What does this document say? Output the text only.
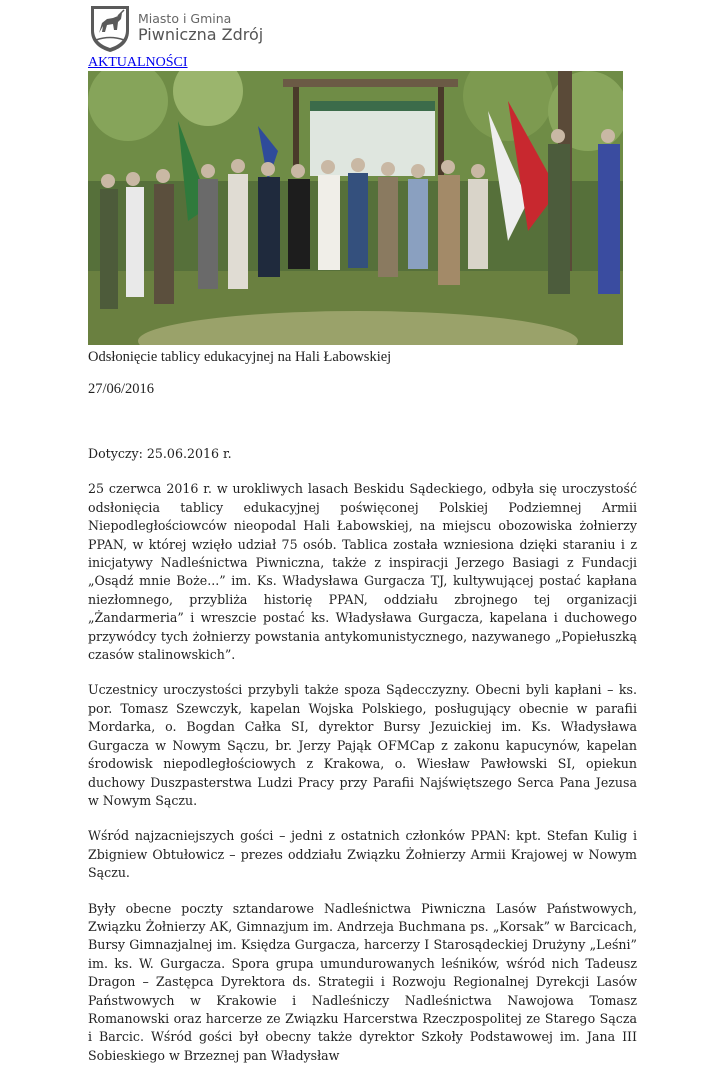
Miasto i Gmina
Piwniczna Zdrój
AKTUALNOŚCI
Odsłonięcie tablicy edukacyjnej na Hali Łabowskiej
27/06/2016

Dotyczy: 25.06.2016 r.

25 czerwca 2016 r. w urokliwych lasach Beskidu Sądeckiego, odbyła się uroczystość odsłonięcia tablicy edukacyjnej poświęconej Polskiej Podziemnej Armii Niepodległościowców nieopodal Hali Łabowskiej, na miejscu obozowiska żołnierzy PPAN, w której wzięło udział 75 osób. Tablica została wzniesiona dzięki staraniu i z inicjatywy Nadleśnictwa Piwniczna, także z inspiracji Jerzego Basiagi z Fundacji „Osądź mnie Boże...” im. Ks. Władysława Gurgacza TJ, kultywującej postać kapłana niezłomnego, przybliża historię PPAN, oddziału zbrojnego tej organizacji „Żandarmeria” i wreszcie postać ks. Władysława Gurgacza, kapelana i duchowego przywódcy tych żołnierzy powstania antykomunistycznego, nazywanego „Popiełuszką czasów stalinowskich”.

Uczestnicy uroczystości przybyli także spoza Sądecczyzny. Obecni byli kapłani – ks. por. Tomasz Szewczyk, kapelan Wojska Polskiego, posługujący obecnie w parafii Mordarka, o. Bogdan Całka SI, dyrektor Bursy Jezuickiej im. Ks. Władysława Gurgacza w Nowym Sączu, br. Jerzy Pająk OFMCap z zakonu kapucynów, kapelan środowisk niepodległościowych z Krakowa, o. Wiesław Pawłowski SI, opiekun duchowy Duszpasterstwa Ludzi Pracy przy Parafii Najświętszego Serca Pana Jezusa w Nowym Sączu.

Wśród najzacniejszych gości – jedni z ostatnich członków PPAN: kpt. Stefan Kulig i Zbigniew Obtułowicz – prezes oddziału Związku Żołnierzy Armii Krajowej w Nowym Sączu.

Były obecne poczty sztandarowe Nadleśnictwa Piwniczna Lasów Państwowych, Związku Żołnierzy AK, Gimnazjum im. Andrzeja Buchmana ps. „Korsak” w Barcicach, Bursy Gimnazjalnej im. Księdza Gurgacza, harcerzy I Starosądeckiej Drużyny „Leśni” im. ks. W. Gurgacza. Spora grupa umundurowanych leśników, wśród nich Tadeusz Dragon – Zastępca Dyrektora ds. Strategii i Rozwoju Regionalnej Dyrekcji Lasów Państwowych w Krakowie i Nadleśniczy Nadleśnictwa Nawojowa Tomasz Romanowski oraz harcerze ze Związku Harcerstwa Rzeczpospolitej ze Starego Sącza i Barcic. Wśród gości był obecny także dyrektor Szkoły Podstawowej im. Jana III Sobieskiego w Brzeznej pan Władysław
